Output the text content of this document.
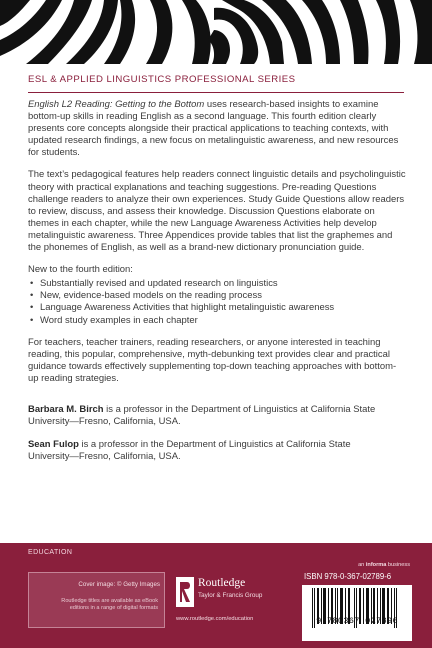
ESL & APPLIED LINGUISTICS PROFESSIONAL SERIES

English L2 Reading: Getting to the Bottom uses research-based insights to examine bottom-up skills in reading English as a second language. This fourth edition clearly presents core concepts alongside their practical applications to teaching contexts, with updated research findings, a new focus on metalinguistic awareness, and new resources for students.

The text’s pedagogical features help readers connect linguistic details and psycholinguistic theory with practical explanations and teaching suggestions. Pre-reading Questions challenge readers to analyze their own experiences. Study Guide Questions allow readers to review, discuss, and assess their knowledge. Discussion Questions elaborate on themes in each chapter, while the new Language Awareness Activities help develop metalinguistic awareness. Three Appendices provide tables that list the graphemes and the phonemes of English, as well as a brand-new dictionary pronunciation guide.

New to the fourth edition:
• Substantially revised and updated research on linguistics
• New, evidence-based models on the reading process
• Language Awareness Activities that highlight metalinguistic awareness
• Word study examples in each chapter

For teachers, teacher trainers, reading researchers, or anyone interested in teaching reading, this popular, comprehensive, myth-debunking text provides clear and practical guidance towards effectively supplementing top-down teaching approaches with bottom-up reading strategies.

Barbara M. Birch is a professor in the Department of Linguistics at California State University—Fresno, California, USA.

Sean Fulop is a professor in the Department of Linguistics at California State University—Fresno, California, USA.

EDUCATION
an informa business
Cover image: © Getty Images
Routledge titles are available as eBook editions in a range of digital formats
Routledge
Taylor & Francis Group
www.routledge.com/education
ISBN 978-0-367-02789-6
9 780367 027896
